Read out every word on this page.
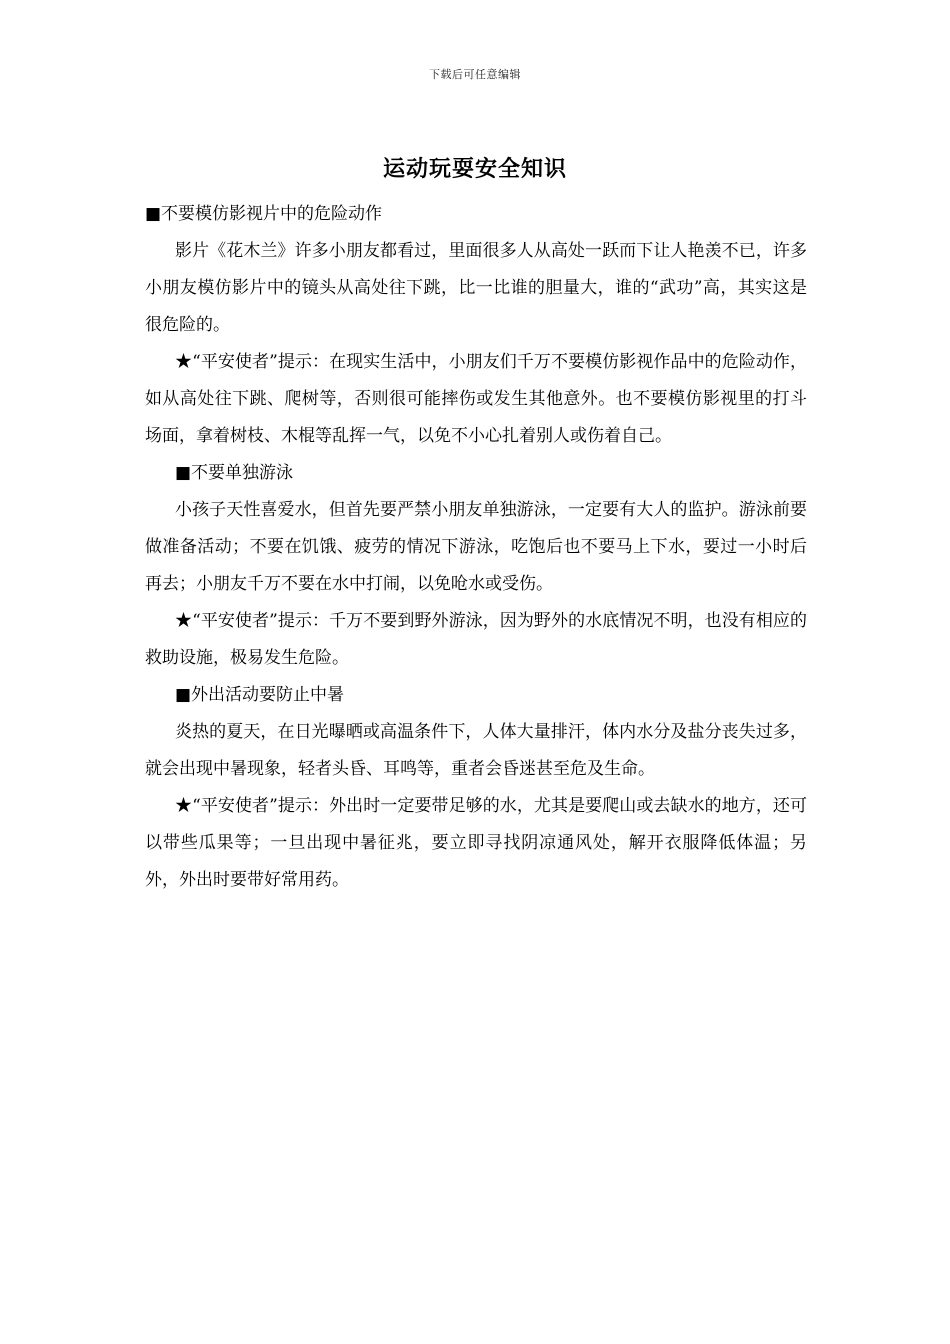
下载后可任意编辑
运动玩耍安全知识

■不要模仿影视片中的危险动作

影片《花木兰》许多小朋友都看过，里面很多人从高处一跃而下让人艳羡不已，许多小朋友模仿影片中的镜头从高处往下跳，比一比谁的胆量大，谁的“武功”高，其实这是很危险的。

★“平安使者”提示：在现实生活中，小朋友们千万不要模仿影视作品中的危险动作，如从高处往下跳、爬树等，否则很可能摔伤或发生其他意外。也不要模仿影视里的打斗场面，拿着树枝、木棍等乱挥一气，以免不小心扎着别人或伤着自己。

■不要单独游泳

小孩子天性喜爱水，但首先要严禁小朋友单独游泳，一定要有大人的监护。游泳前要做准备活动；不要在饥饿、疲劳的情况下游泳，吃饱后也不要马上下水，要过一小时后再去；小朋友千万不要在水中打闹，以免呛水或受伤。

★“平安使者”提示：千万不要到野外游泳，因为野外的水底情况不明，也没有相应的救助设施，极易发生危险。

■外出活动要防止中暑

炎热的夏天，在日光曝晒或高温条件下，人体大量排汗，体内水分及盐分丧失过多，就会出现中暑现象，轻者头昏、耳鸣等，重者会昏迷甚至危及生命。

★“平安使者”提示：外出时一定要带足够的水，尤其是要爬山或去缺水的地方，还可以带些瓜果等；一旦出现中暑征兆，要立即寻找阴凉通风处，解开衣服降低体温；另外，外出时要带好常用药。
